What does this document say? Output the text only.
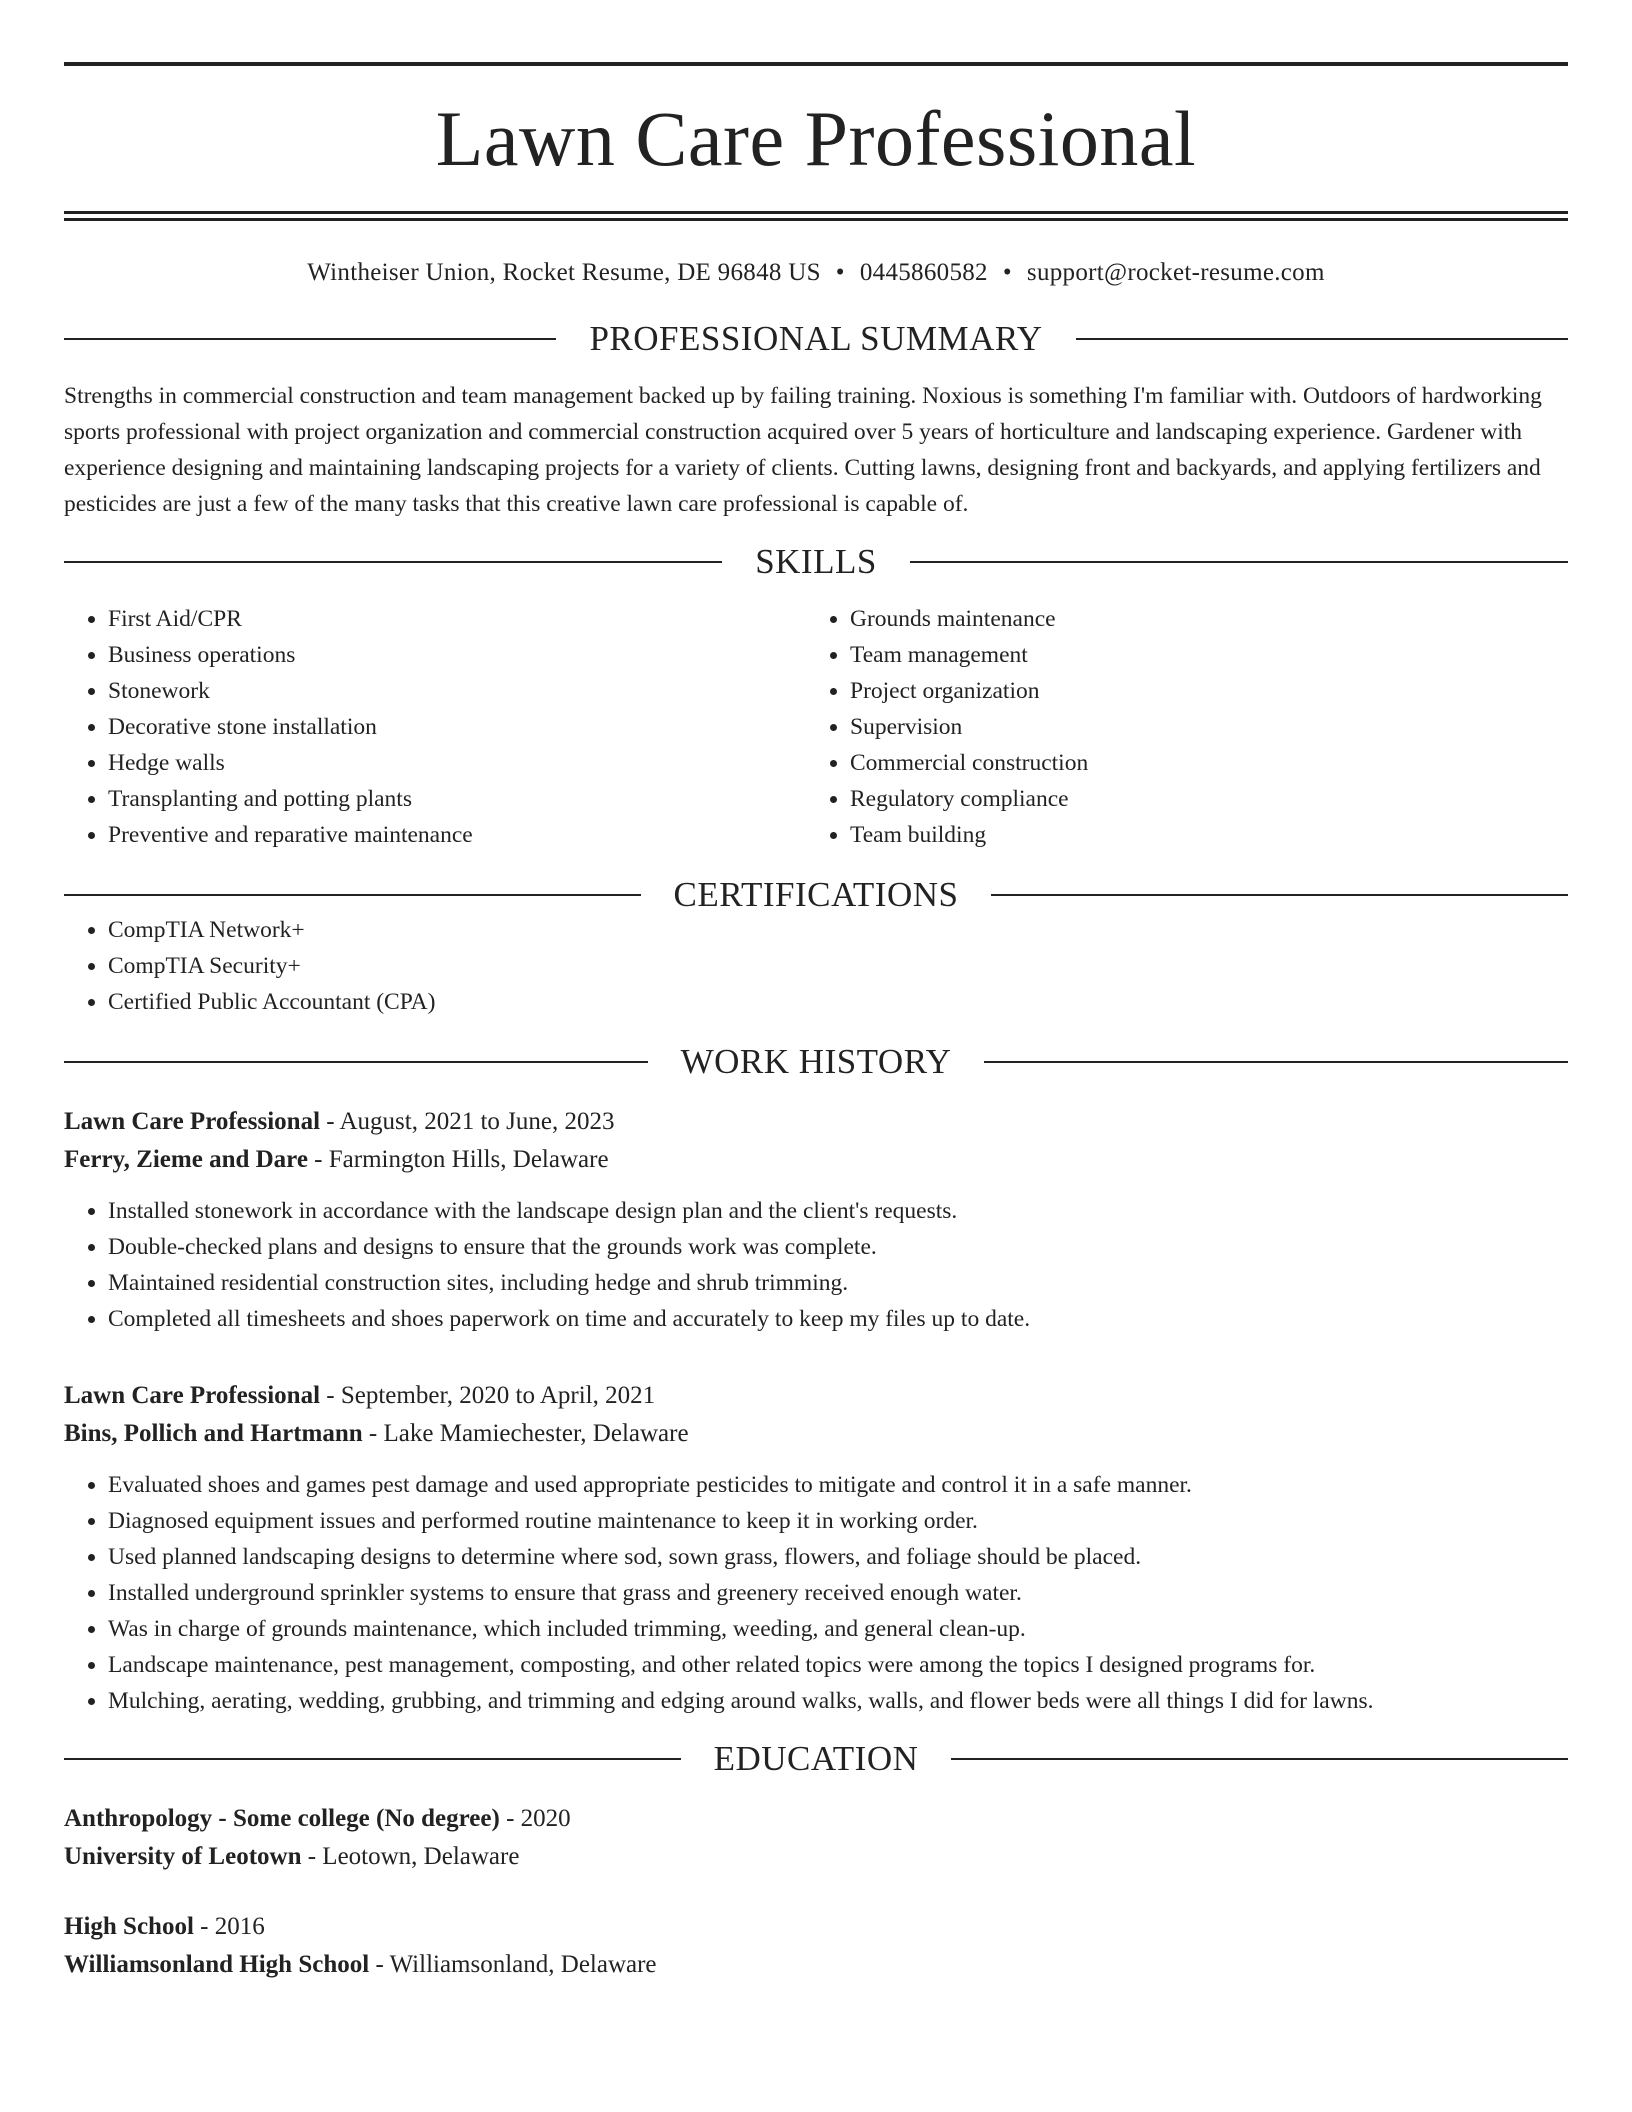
Lawn Care Professional
Wintheiser Union, Rocket Resume, DE 96848 US • 0445860582 • support@rocket-resume.com
PROFESSIONAL SUMMARY
Strengths in commercial construction and team management backed up by failing training. Noxious is something I'm familiar with. Outdoors of hardworking sports professional with project organization and commercial construction acquired over 5 years of horticulture and landscaping experience. Gardener with experience designing and maintaining landscaping projects for a variety of clients. Cutting lawns, designing front and backyards, and applying fertilizers and pesticides are just a few of the many tasks that this creative lawn care professional is capable of.
SKILLS
• First Aid/CPR
• Business operations
• Stonework
• Decorative stone installation
• Hedge walls
• Transplanting and potting plants
• Preventive and reparative maintenance
• Grounds maintenance
• Team management
• Project organization
• Supervision
• Commercial construction
• Regulatory compliance
• Team building
CERTIFICATIONS
• CompTIA Network+
• CompTIA Security+
• Certified Public Accountant (CPA)
WORK HISTORY
Lawn Care Professional - August, 2021 to June, 2023
Ferry, Zieme and Dare - Farmington Hills, Delaware
• Installed stonework in accordance with the landscape design plan and the client's requests.
• Double-checked plans and designs to ensure that the grounds work was complete.
• Maintained residential construction sites, including hedge and shrub trimming.
• Completed all timesheets and shoes paperwork on time and accurately to keep my files up to date.
Lawn Care Professional - September, 2020 to April, 2021
Bins, Pollich and Hartmann - Lake Mamiechester, Delaware
• Evaluated shoes and games pest damage and used appropriate pesticides to mitigate and control it in a safe manner.
• Diagnosed equipment issues and performed routine maintenance to keep it in working order.
• Used planned landscaping designs to determine where sod, sown grass, flowers, and foliage should be placed.
• Installed underground sprinkler systems to ensure that grass and greenery received enough water.
• Was in charge of grounds maintenance, which included trimming, weeding, and general clean-up.
• Landscape maintenance, pest management, composting, and other related topics were among the topics I designed programs for.
• Mulching, aerating, wedding, grubbing, and trimming and edging around walks, walls, and flower beds were all things I did for lawns.
EDUCATION
Anthropology - Some college (No degree) - 2020
University of Leotown - Leotown, Delaware
High School - 2016
Williamsonland High School - Williamsonland, Delaware
